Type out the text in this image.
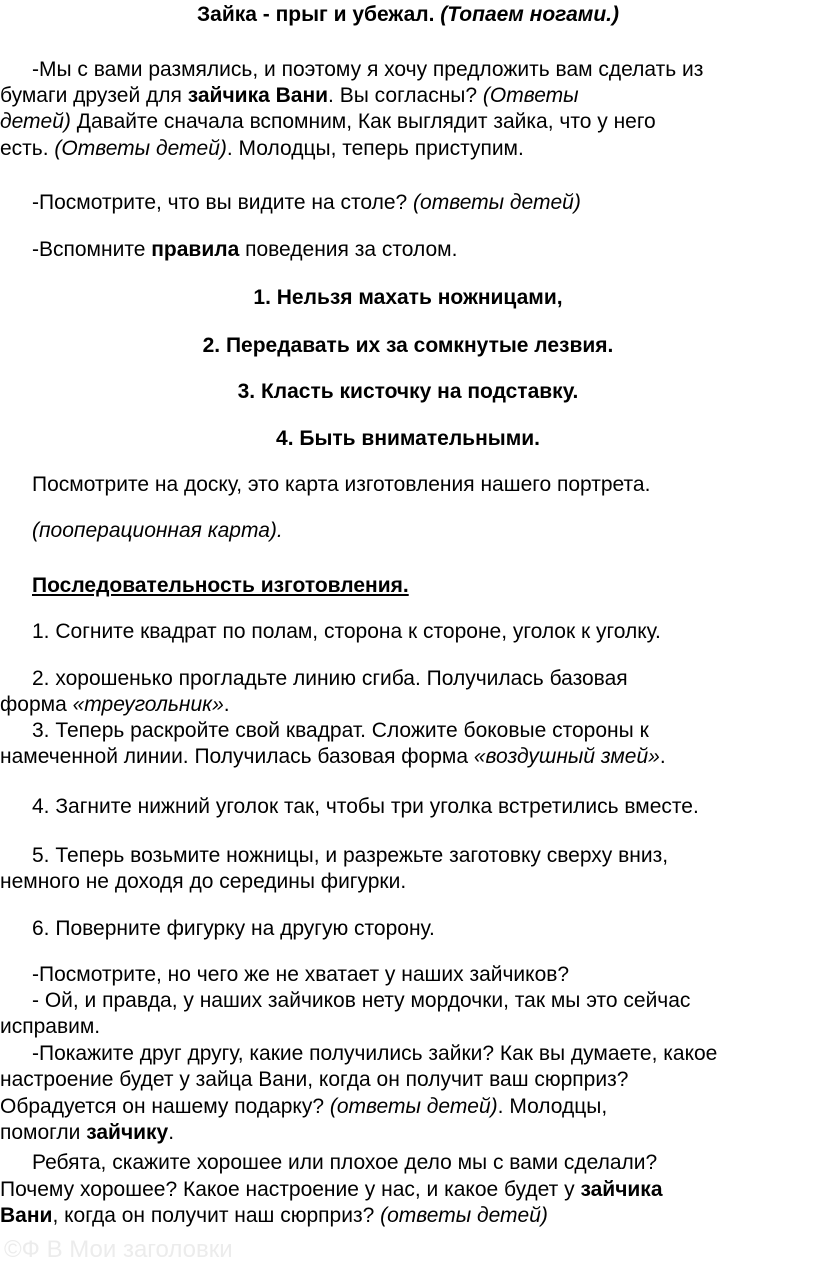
Зайка - прыг и убежал. (Топаем ногами.)
-Мы с вами размялись, и поэтому я хочу предложить вам сделать из
бумаги друзей для зайчика Вани. Вы согласны? (Ответы
детей) Давайте сначала вспомним, Как выглядит зайка, что у него
есть. (Ответы детей). Молодцы, теперь приступим.
-Посмотрите, что вы видите на столе? (ответы детей)
-Вспомните правила поведения за столом.
1. Нельзя махать ножницами,
2. Передавать их за сомкнутые лезвия.
3. Класть кисточку на подставку.
4. Быть внимательными.
Посмотрите на доску, это карта изготовления нашего портрета.
(пооперационная карта).
Последовательность изготовления.
1. Согните квадрат по полам, сторона к стороне, уголок к уголку.
2. хорошенько прогладьте линию сгиба. Получилась базовая
форма «треугольник».
3. Теперь раскройте свой квадрат. Сложите боковые стороны к
намеченной линии. Получилась базовая форма «воздушный змей».
4. Загните нижний уголок так, чтобы три уголка встретились вместе.
5. Теперь возьмите ножницы, и разрежьте заготовку сверху вниз,
немного не доходя до середины фигурки.
6. Поверните фигурку на другую сторону.
-Посмотрите, но чего же не хватает у наших зайчиков?
- Ой, и правда, у наших зайчиков нету мордочки, так мы это сейчас
исправим.
-Покажите друг другу, какие получились зайки? Как вы думаете, какое
настроение будет у зайца Вани, когда он получит ваш сюрприз?
Обрадуется он нашему подарку? (ответы детей). Молодцы,
помогли зайчику.
Ребята, скажите хорошее или плохое дело мы с вами сделали?
Почему хорошее? Какое настроение у нас, и какое будет у зайчика
Вани, когда он получит наш сюрприз? (ответы детей)
©Ф В Мои заголовки
